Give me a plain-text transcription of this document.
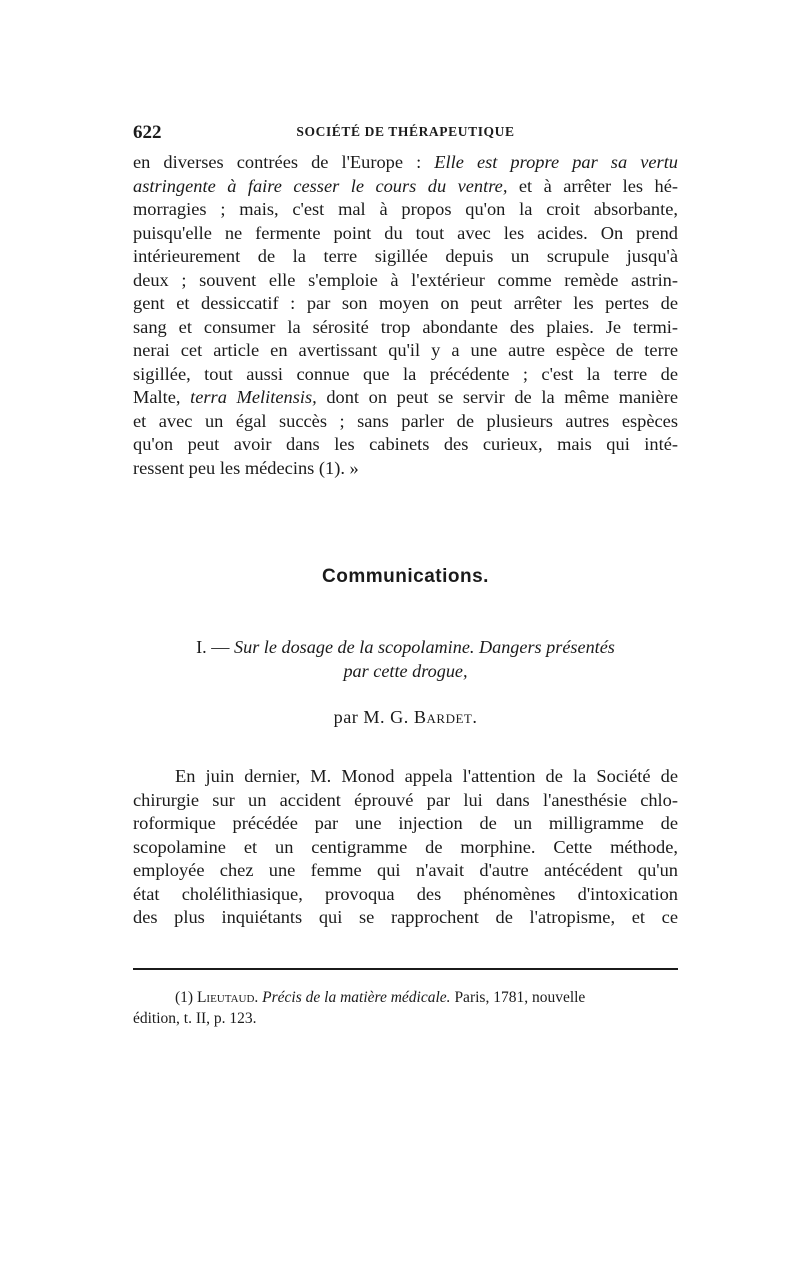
622	SOCIÉTÉ DE THÉRAPEUTIQUE
en diverses contrées de l'Europe : Elle est propre par sa vertu
astringente à faire cesser le cours du ventre, et à arrêter les hé-
morragies ; mais, c'est mal à propos qu'on la croit absorbante,
puisqu'elle ne fermente point du tout avec les acides. On prend
intérieurement de la terre sigillée depuis un scrupule jusqu'à
deux ; souvent elle s'emploie à l'extérieur comme remède astrin-
gent et dessiccatif : par son moyen on peut arrêter les pertes de
sang et consumer la sérosité trop abondante des plaies. Je termi-
nerai cet article en avertissant qu'il y a une autre espèce de terre
sigillée, tout aussi connue que la précédente ; c'est la terre de
Malte, terra Melitensis, dont on peut se servir de la même manière
et avec un égal succès ; sans parler de plusieurs autres espèces
qu'on peut avoir dans les cabinets des curieux, mais qui inté-
ressent peu les médecins (1). »
Communications.
I. — Sur le dosage de la scopolamine. Dangers présentés
par cette drogue,
par M. G. Bardet.
En juin dernier, M. Monod appela l'attention de la Société de
chirurgie sur un accident éprouvé par lui dans l'anesthésie chlo-
roformique précédée par une injection de un milligramme de
scopolamine et un centigramme de morphine. Cette méthode,
employée chez une femme qui n'avait d'autre antécédent qu'un
état cholélithiasique, provoqua des phénomènes d'intoxication
des plus inquiétants qui se rapprochent de l'atropisme, et ce
(1) Lieutaud. Précis de la matière médicale. Paris, 1781, nouvelle
édition, t. II, p. 123.
